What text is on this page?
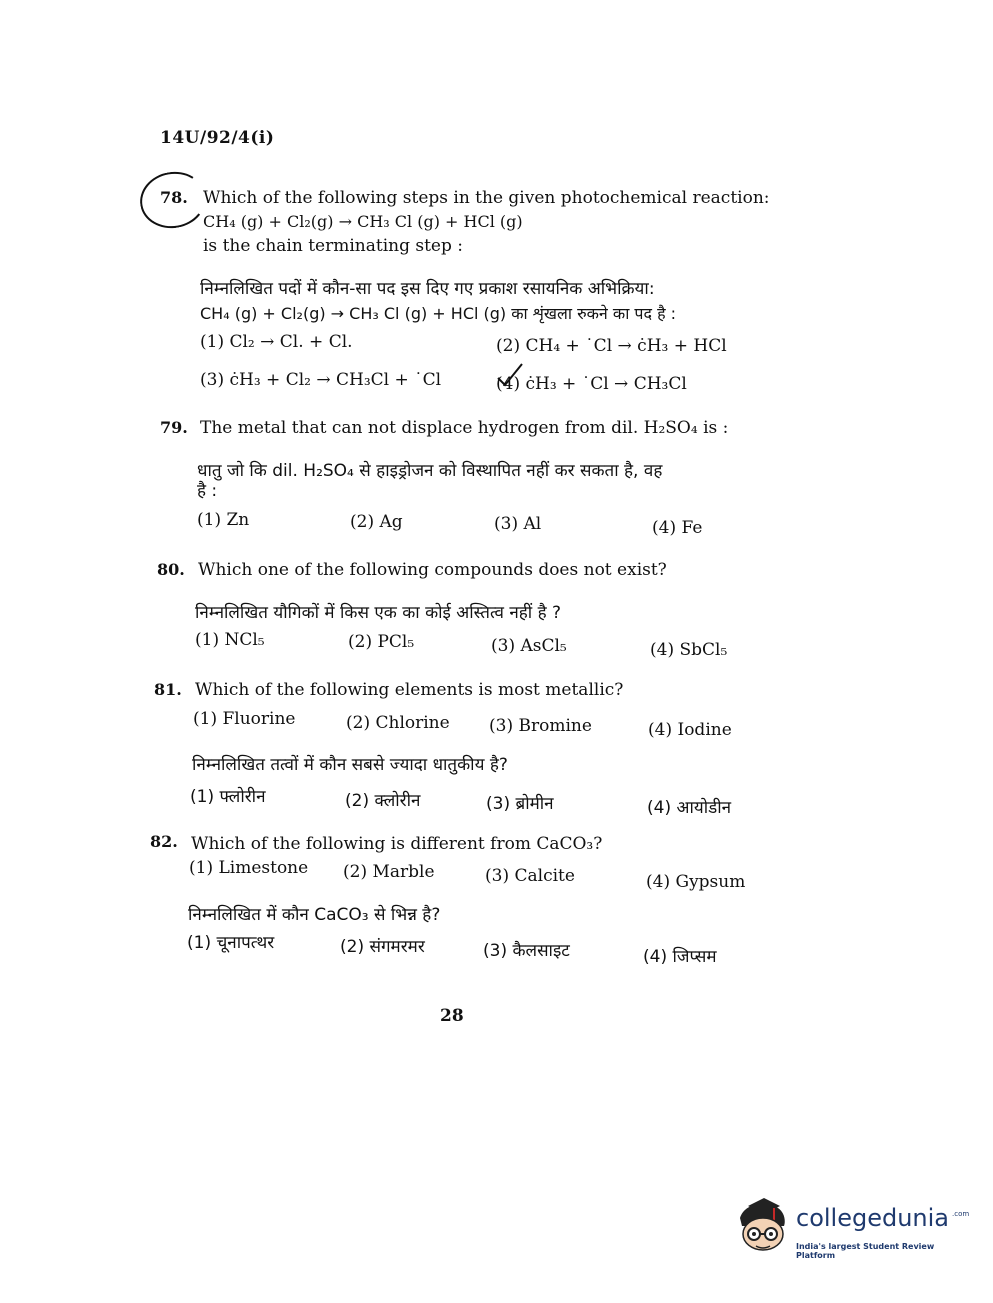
14U/92/4(i)
78. Which of the following steps in the given photochemical reaction:
CH₄ (g) + Cl₂(g) → CH₃ Cl (g) + HCl (g)
is the chain terminating step :
निम्नलिखित पदों में कौन-सा पद इस दिए गए प्रकाश रसायनिक अभिक्रिया:
CH₄ (g) + Cl₂(g) → CH₃ Cl (g) + HCl (g) का शृंखला रुकने का पद है :
(1) Cl₂ → Cl. + Cl.	(2) CH₄ + ˙Cl → ċH₃ + HCl
(3) ċH₃ + Cl₂ → CH₃Cl + ˙Cl	(4) ċH₃ + ˙Cl → CH₃Cl
79. The metal that can not displace hydrogen from dil. H₂SO₄ is :
धातु जो कि dil. H₂SO₄ से हाइड्रोजन को विस्थापित नहीं कर सकता है, वह
है :
(1) Zn	(2) Ag	(3) Al	(4) Fe
80. Which one of the following compounds does not exist?
निम्नलिखित यौगिकों में किस एक का कोई अस्तित्व नहीं है ?
(1) NCl₅	(2) PCl₅	(3) AsCl₅	(4) SbCl₅
81. Which of the following elements is most metallic?
(1) Fluorine	(2) Chlorine (3) Bromine	(4) Iodine
निम्नलिखित तत्वों में कौन सबसे ज्यादा धातुकीय है?
(1) फ्लोरीन	(2) क्लोरीन	(3) ब्रोमीन	(4) आयोडीन
82. Which of the following is different from CaCO₃?
(1) Limestone (2) Marble	(3) Calcite	(4) Gypsum
निम्नलिखित में कौन CaCO₃ से भिन्न है?
(1) चूनापत्थर	(2) संगमरमर	(3) कैलसाइट	(4) जिप्सम
28
collegedunia .com
India's largest Student Review Platform
